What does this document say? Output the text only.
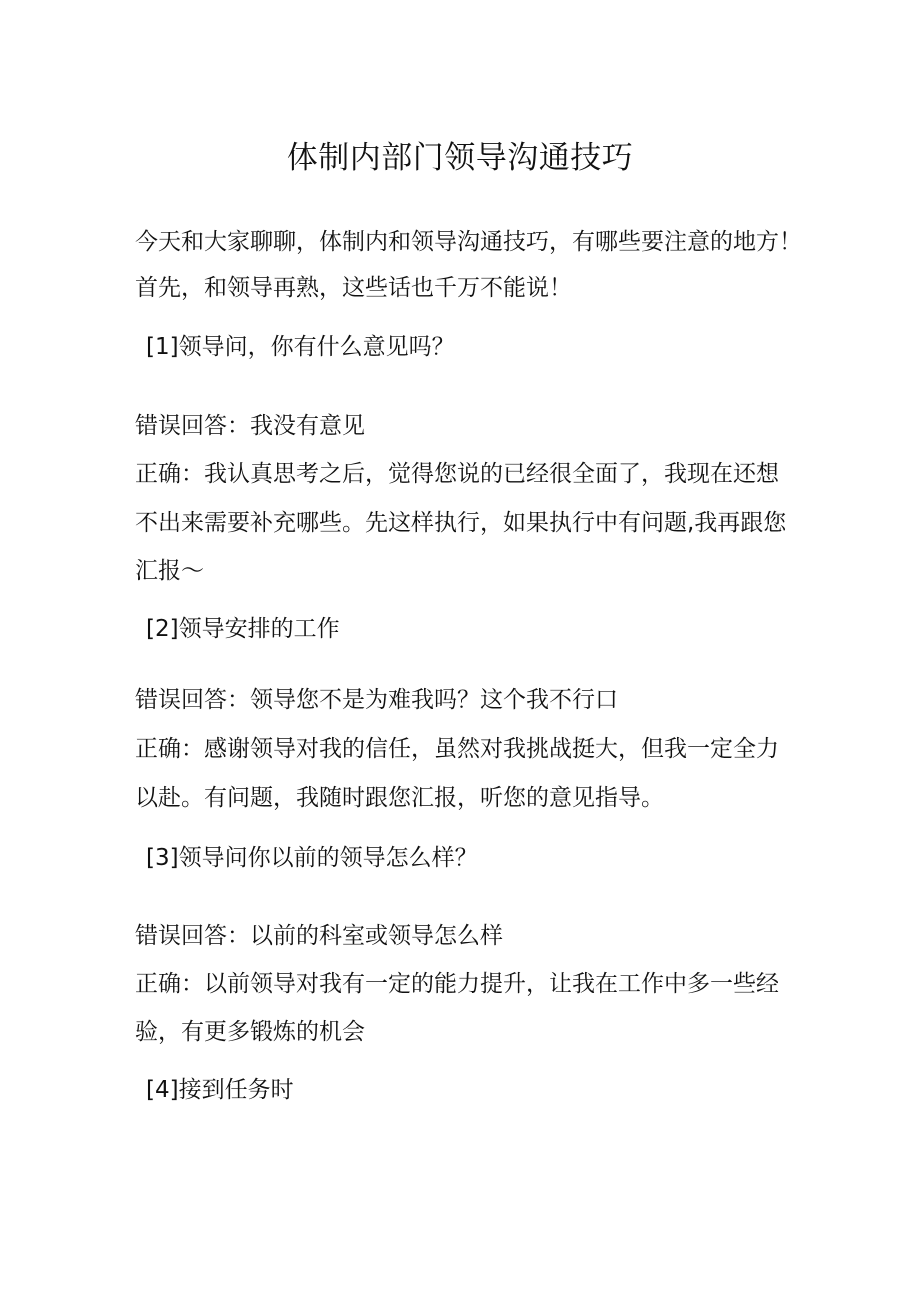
体制内部门领导沟通技巧

今天和大家聊聊，体制内和领导沟通技巧，有哪些要注意的地方！

首先，和领导再熟，这些话也千万不能说！

[1]领导问，你有什么意见吗？

错误回答：我没有意见

正确：我认真思考之后，觉得您说的已经很全面了，我现在还想

不出来需要补充哪些。先这样执行，如果执行中有问题,我再跟您

汇报〜

[2]领导安排的工作

错误回答：领导您不是为难我吗？这个我不行口

正确：感谢领导对我的信任，虽然对我挑战挺大，但我一定全力

以赴。有问题，我随时跟您汇报，听您的意见指导。

[3]领导问你以前的领导怎么样？

错误回答：以前的科室或领导怎么样

正确：以前领导对我有一定的能力提升，让我在工作中多一些经

验，有更多锻炼的机会

[4]接到任务时
